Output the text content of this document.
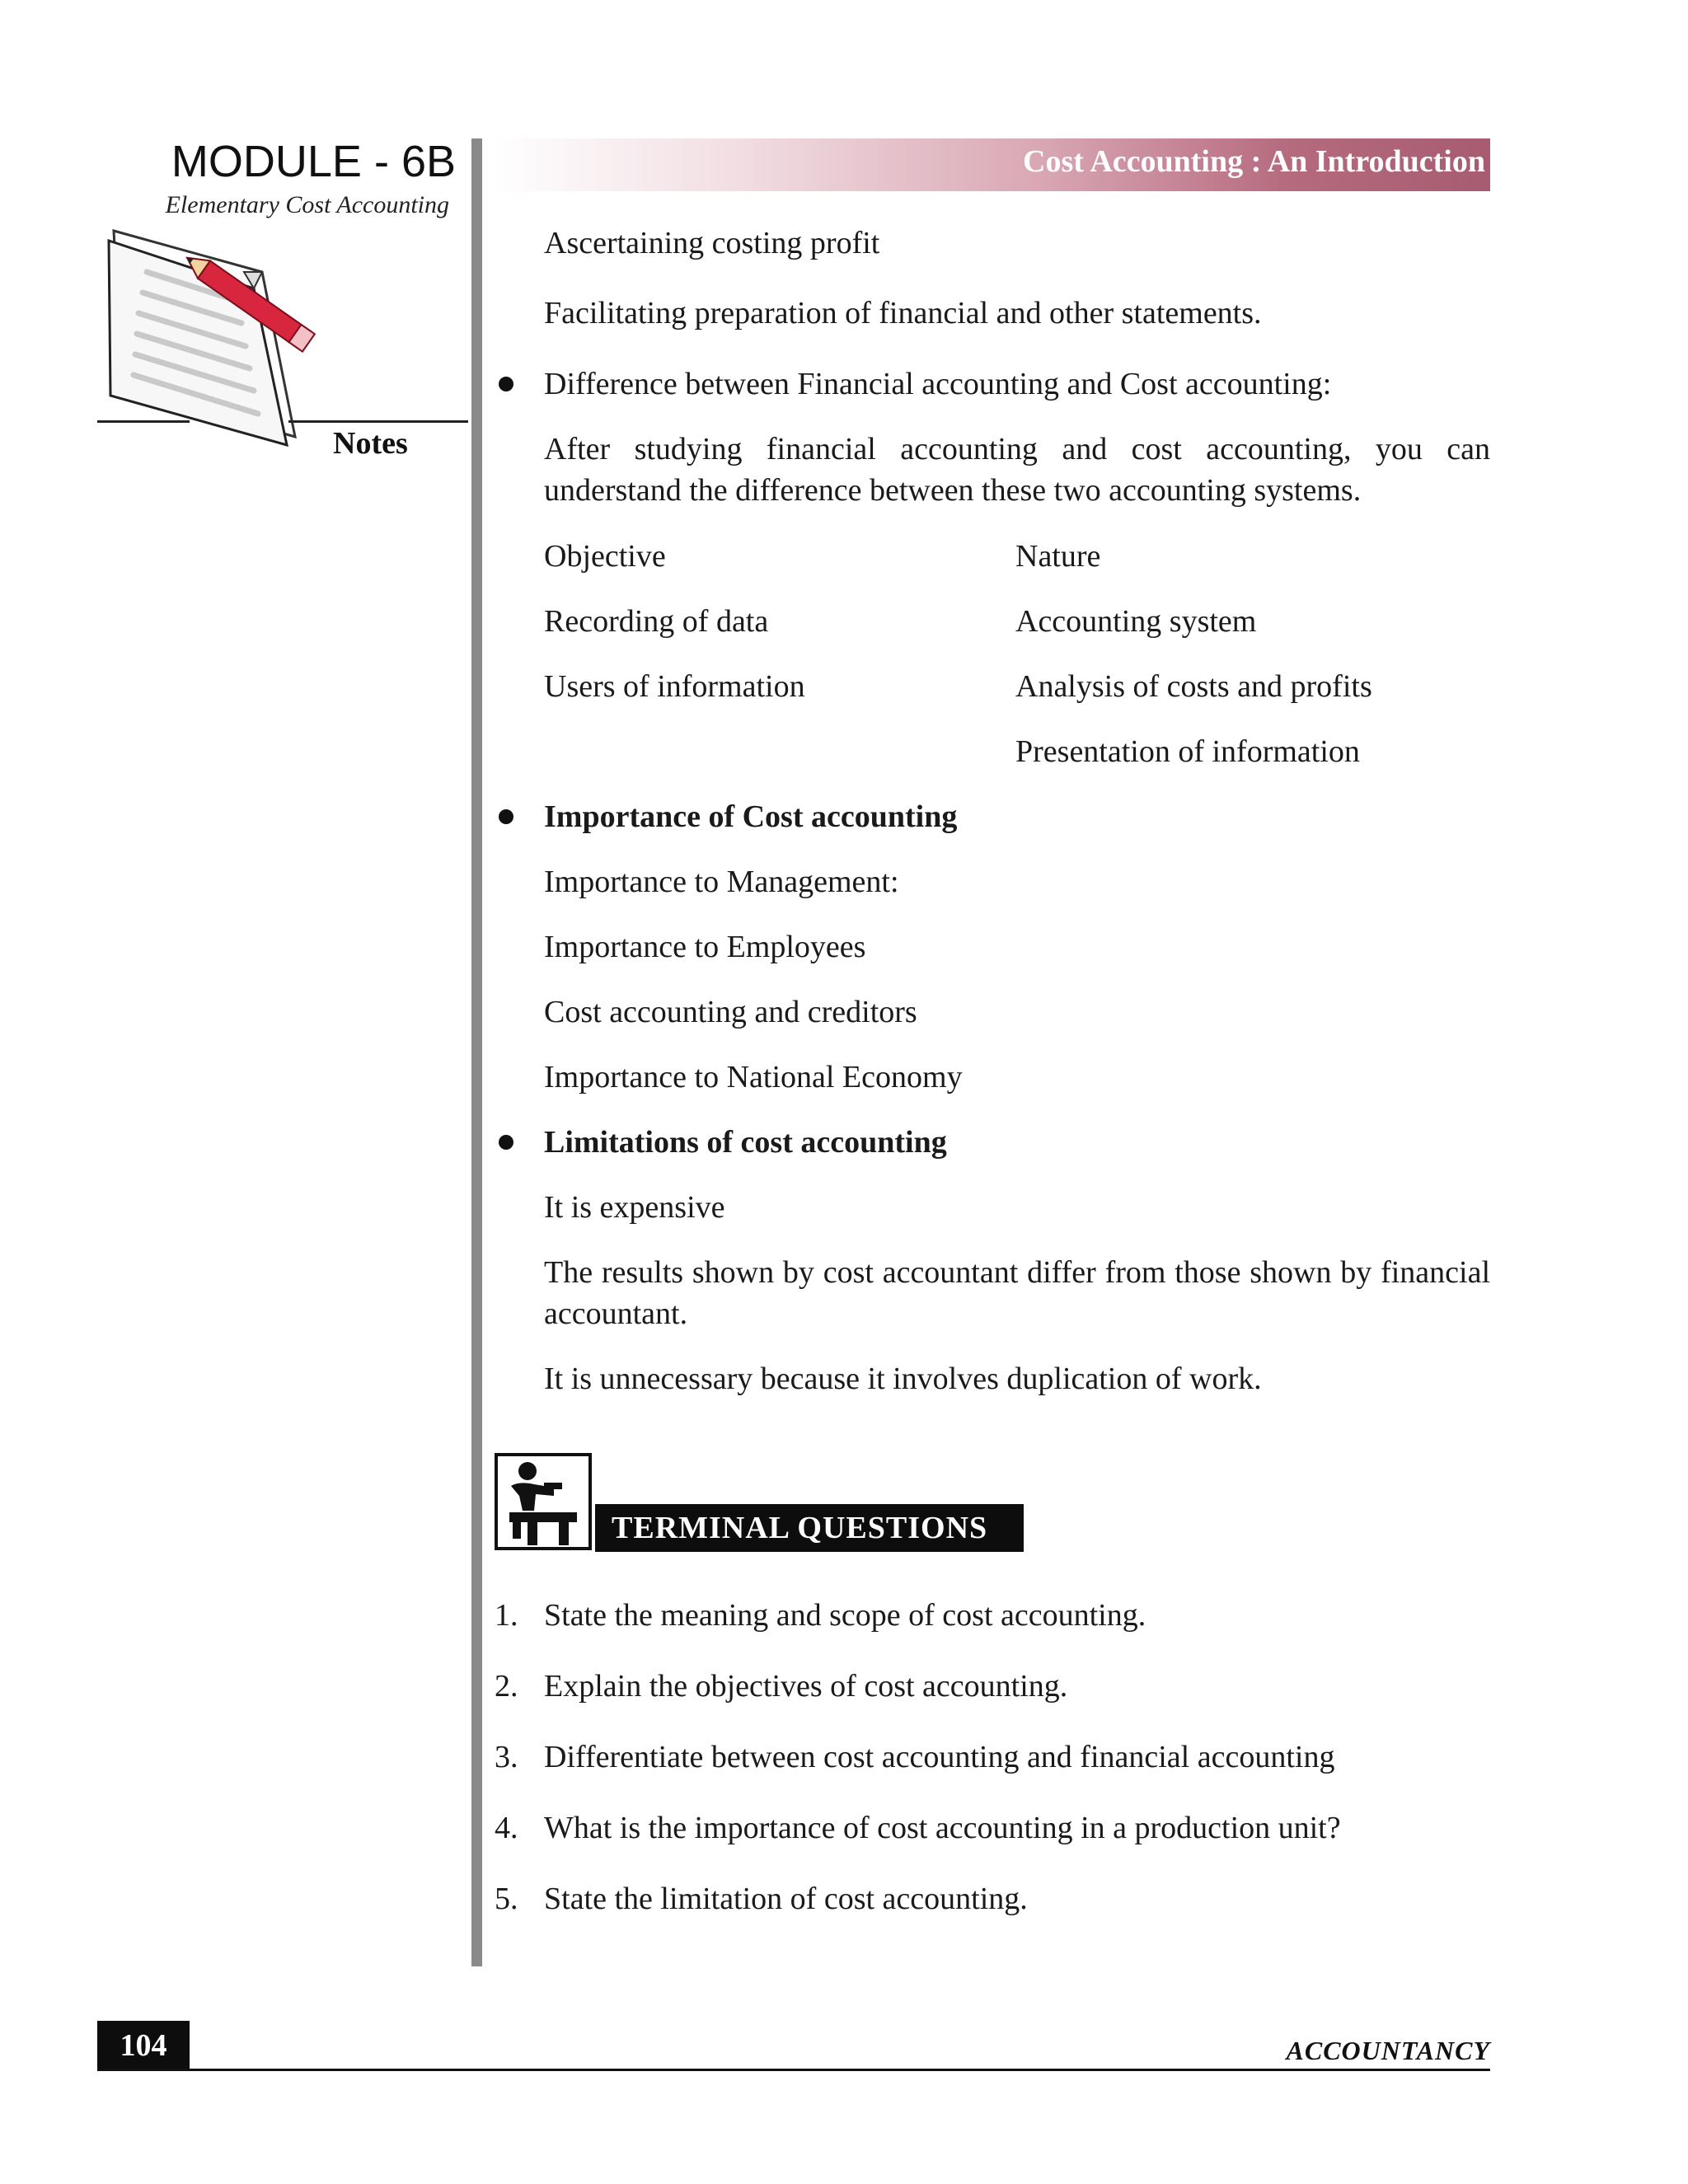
MODULE - 6B
Elementary Cost Accounting
Notes
Cost Accounting : An Introduction
Ascertaining costing profit
Facilitating preparation of financial and other statements.
Difference between Financial accounting and Cost accounting:
After studying financial accounting and cost accounting, you can understand the difference between these two accounting systems.
Objective
Recording of data
Users of information
Nature
Accounting system
Analysis of costs and profits
Presentation of information
Importance of Cost accounting
Importance to Management:
Importance to Employees
Cost accounting and creditors
Importance to National Economy
Limitations of cost accounting
It is expensive
The results shown by cost accountant differ from those shown by financial accountant.
It is unnecessary because it involves duplication of work.
TERMINAL QUESTIONS
1. State the meaning and scope of cost accounting.
2. Explain the objectives of cost accounting.
3. Differentiate between cost accounting and financial accounting
4. What is the importance of cost accounting in a production unit?
5. State the limitation of cost accounting.
104	ACCOUNTANCY
